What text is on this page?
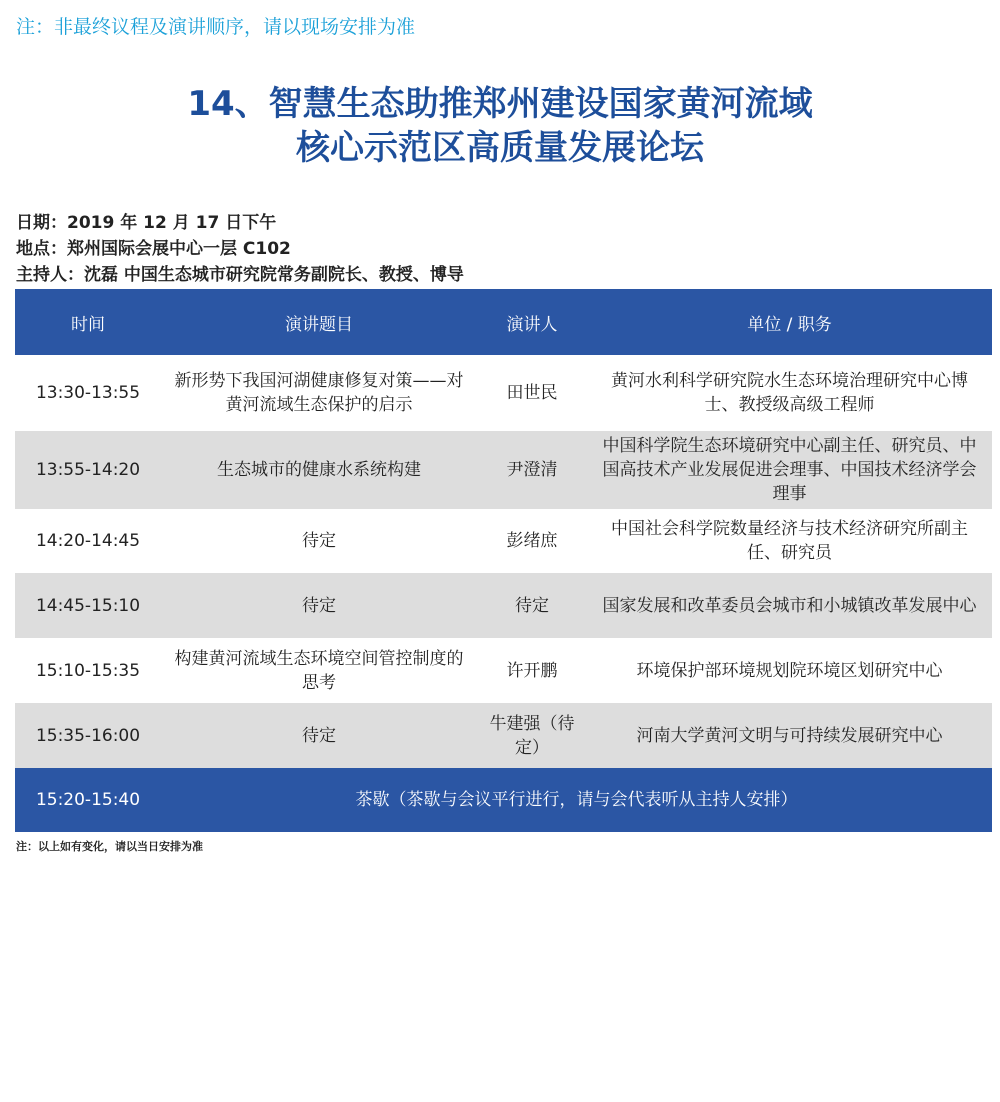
注：非最终议程及演讲顺序，请以现场安排为准
14、智慧生态助推郑州建设国家黄河流域
核心示范区高质量发展论坛
日期：2019 年 12 月 17 日下午
地点：郑州国际会展中心一层 C102
主持人：沈磊 中国生态城市研究院常务副院长、教授、博导
时间	演讲题目	演讲人	单位 / 职务
13:30-13:55	新形势下我国河湖健康修复对策——对黄河流域生态保护的启示	田世民	黄河水利科学研究院水生态环境治理研究中心博士、教授级高级工程师
13:55-14:20	生态城市的健康水系统构建	尹澄清	中国科学院生态环境研究中心副主任、研究员、中国高技术产业发展促进会理事、中国技术经济学会理事
14:20-14:45	待定	彭绪庶	中国社会科学院数量经济与技术经济研究所副主任、研究员
14:45-15:10	待定	待定	国家发展和改革委员会城市和小城镇改革发展中心
15:10-15:35	构建黄河流域生态环境空间管控制度的思考	许开鹏	环境保护部环境规划院环境区划研究中心
15:35-16:00	待定	牛建强（待定）	河南大学黄河文明与可持续发展研究中心
15:20-15:40	茶歇（茶歇与会议平行进行，请与会代表听从主持人安排）		
注：以上如有变化，请以当日安排为准
